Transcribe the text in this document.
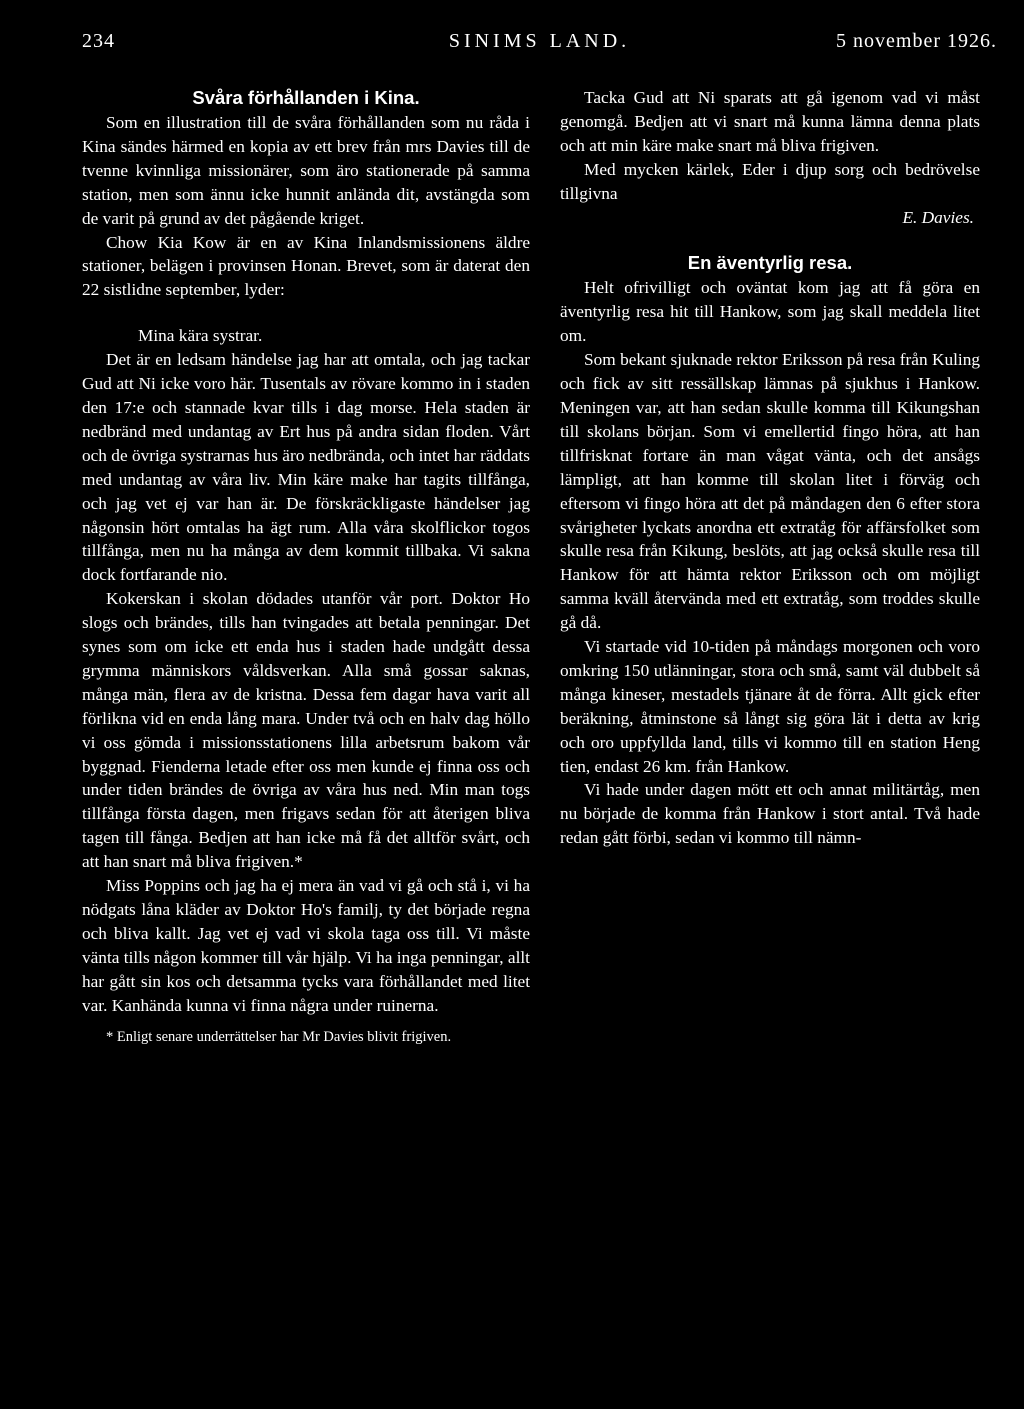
234	SINIMS LAND.	5 november 1926.
Svåra förhållanden i Kina.

Som en illustration till de svåra förhållanden som nu råda i Kina sändes härmed en kopia av ett brev från mrs Davies till de tvenne kvinnliga missionärer, som äro stationerade på samma station, men som ännu icke hunnit anlända dit, avstängda som de varit på grund av det pågående kriget.

Chow Kia Kow är en av Kina Inlandsmissionens äldre stationer, belägen i provinsen Honan. Brevet, som är daterat den 22 sistlidne september, lyder:

Mina kära systrar.

Det är en ledsam händelse jag har att omtala, och jag tackar Gud att Ni icke voro här. Tusentals av rövare kommo in i staden den 17:e och stannade kvar tills i dag morse. Hela staden är nedbränd med undantag av Ert hus på andra sidan floden. Vårt och de övriga systrarnas hus äro nedbrända, och intet har räddats med undantag av våra liv. Min käre make har tagits tillfånga, och jag vet ej var han är. De förskräckligaste händelser jag någonsin hört omtalas ha ägt rum. Alla våra skolflickor togos tillfånga, men nu ha många av dem kommit tillbaka. Vi sakna dock fortfarande nio.

Kokerskan i skolan dödades utanför vår port. Doktor Ho slogs och brändes, tills han tvingades att betala penningar. Det synes som om icke ett enda hus i staden hade undgått dessa grymma människors våldsverkan. Alla små gossar saknas, många män, flera av de kristna. Dessa fem dagar hava varit all förlikna vid en enda lång mara. Under två och en halv dag höllo vi oss gömda i missionsstationens lilla arbetsrum bakom vår byggnad. Fienderna letade efter oss men kunde ej finna oss och under tiden brändes de övriga av våra hus ned. Min man togs tillfånga första dagen, men frigavs sedan för att återigen bliva tagen till fånga. Bedjen att han icke må få det alltför svårt, och att han snart må bliva frigiven.*

Miss Poppins och jag ha ej mera än vad vi gå och stå i, vi ha nödgats låna kläder av Doktor Ho's familj, ty det började regna och bliva kallt. Jag vet ej vad vi skola taga oss till. Vi måste vänta tills någon kommer till vår hjälp. Vi ha inga penningar, allt har gått sin kos och detsamma tycks vara förhållandet med litet var. Kanhända kunna vi finna några under ruinerna.

* Enligt senare underrättelser har Mr Davies blivit frigiven.

Tacka Gud att Ni sparats att gå igenom vad vi måst genomgå. Bedjen att vi snart må kunna lämna denna plats och att min käre make snart må bliva frigiven.

Med mycken kärlek, Eder i djup sorg och bedrövelse tillgivna

E. Davies.

En äventyrlig resa.

Helt ofrivilligt och oväntat kom jag att få göra en äventyrlig resa hit till Hankow, som jag skall meddela litet om.

Som bekant sjuknade rektor Eriksson på resa från Kuling och fick av sitt ressällskap lämnas på sjukhus i Hankow. Meningen var, att han sedan skulle komma till Kikungshan till skolans början. Som vi emellertid fingo höra, att han tillfrisknat fortare än man vågat vänta, och det ansågs lämpligt, att han komme till skolan litet i förväg och eftersom vi fingo höra att det på måndagen den 6 efter stora svårigheter lyckats anordna ett extratåg för affärsfolket som skulle resa från Kikung, beslöts, att jag också skulle resa till Hankow för att hämta rektor Eriksson och om möjligt samma kväll återvända med ett extratåg, som troddes skulle gå då.

Vi startade vid 10-tiden på måndags morgonen och voro omkring 150 utlänningar, stora och små, samt väl dubbelt så många kineser, mestadels tjänare åt de förra. Allt gick efter beräkning, åtminstone så långt sig göra lät i detta av krig och oro uppfyllda land, tills vi kommo till en station Heng tien, endast 26 km. från Hankow.

Vi hade under dagen mött ett och annat militärtåg, men nu började de komma från Hankow i stort antal. Två hade redan gått förbi, sedan vi kommo till nämn-
